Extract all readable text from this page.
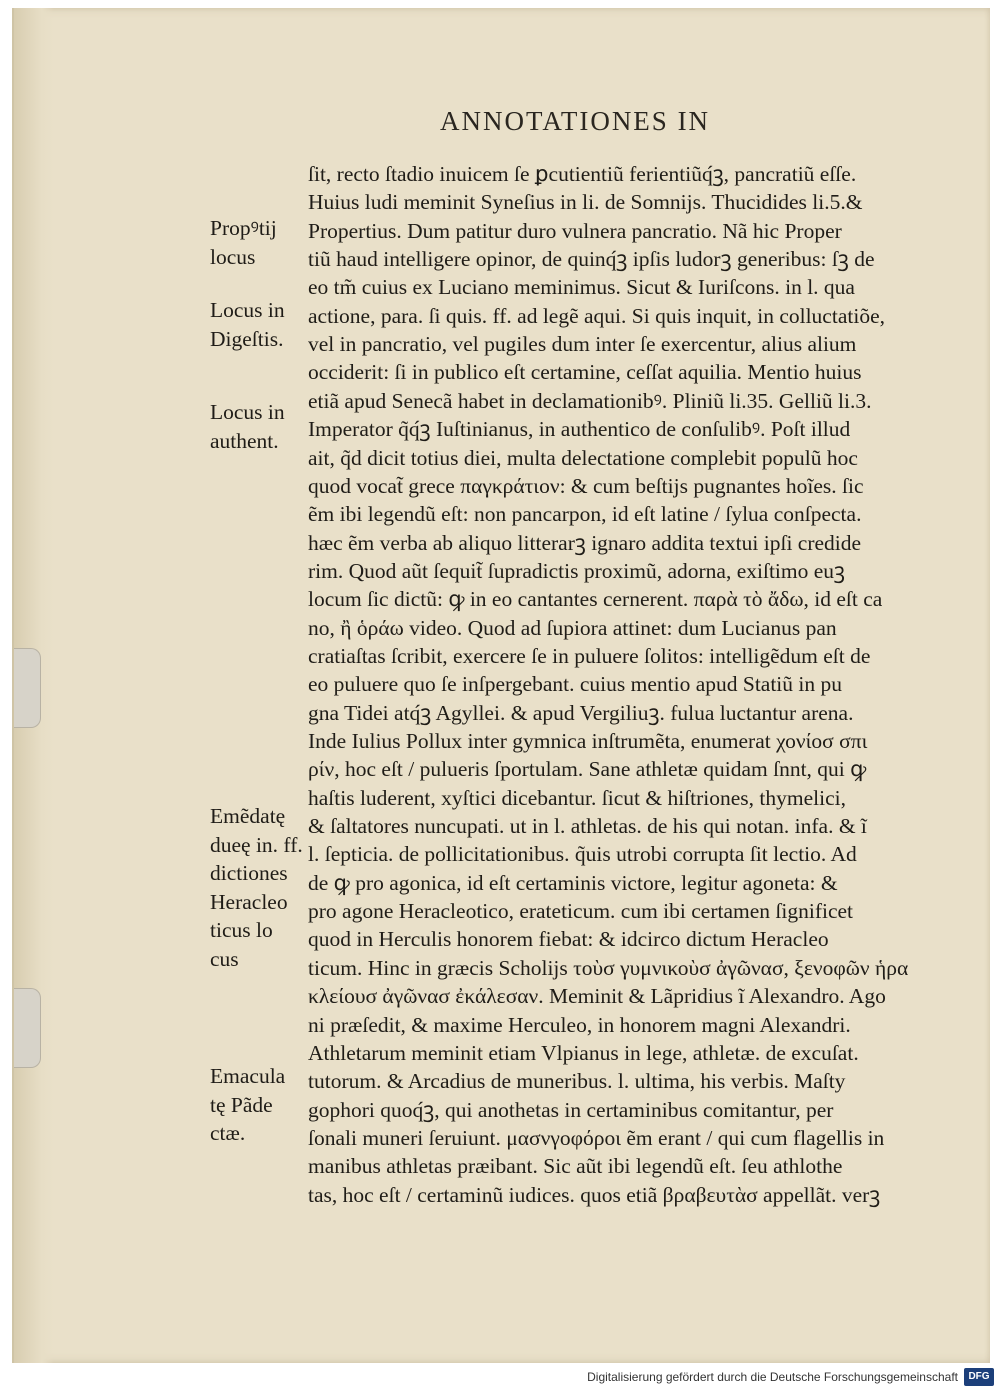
ANNOTATIONES IN
ſit, recto ſtadio inuicem ſe ꝑcutientiũ ferientiũq́ꝫ, pancratiũ eſſe.
Huius ludi meminit Syneſius in li. de Somnijs. Thucidides li.5.&
Propertius. Dum patitur duro vulnera pancratio. Nã hic Proper
tiũ haud intelligere opinor, de quinq́ꝫ ipſis ludorꝫ generibus: ſꝫ de
eo tm̃ cuius ex Luciano meminimus. Sicut & Iuriſcons. in l. qua
actione, para. ſi quis. ff. ad legẽ aqui. Si quis inquit, in colluctatiõe,
vel in pancratio, vel pugiles dum inter ſe exercentur, alius alium
occiderit: ſi in publico eſt certamine, ceſſat aquilia. Mentio huius
etiã apud Senecã habet in declamationibꝰ. Pliniũ li.35. Gelliũ li.3.
Imperator q̃q́ꝫ Iuſtinianus, in authentico de conſulibꝰ. Poſt illud
ait, q̃d dicit totius diei, multa delectatione complebit populũ hoc
quod vocat̃ grece παγκράτιον: & cum beſtijs pugnantes hoĩes. ſic
ẽm ibi legendũ eſt: non pancarpon, id eſt latine / ſylua conſpecta.
hæc ẽm verba ab aliquo litterarꝫ ignaro addita textui ipſi credide
rim. Quod aũt ſequit̃ ſupradictis proximũ, adorna, exiſtimo euꝫ
locum ſic dictũ: ꝙ in eo cantantes cernerent. παρὰ τὸ ἄδω, id eſt ca
no, ἢ ὁράω video. Quod ad ſupiora attinet: dum Lucianus pan
cratiaſtas ſcribit, exercere ſe in puluere ſolitos: intelligẽdum eſt de
eo puluere quo ſe inſpergebant. cuius mentio apud Statiũ in pu
gna Tidei atq́ꝫ Agyllei. & apud Vergiliuꝫ. fulua luctantur arena.
Inde Iulius Pollux inter gymnica inſtrumẽta, enumerat χονίοσ σπι
ρίν, hoc eſt / pulueris ſportulam. Sane athletæ quidam ſnnt, qui ꝙ
haſtis luderent, xyſtici dicebantur. ſicut & hiſtriones, thymelici,
& ſaltatores nuncupati. ut in l. athletas. de his qui notan. infa. & ĩ
l. ſepticia. de pollicitationibus. q̃uis utrobi corrupta ſit lectio. Ad
de ꝙ pro agonica, id eſt certaminis victore, legitur agoneta: &
pro agone Heracleotico, erateticum. cum ibi certamen ſignificet
quod in Herculis honorem fiebat: & idcirco dictum Heracleo
ticum. Hinc in græcis Scholijs τοὺσ γυμνικοὺσ ἀγῶνασ, ξενοφῶν ἡρα
κλείουσ ἀγῶνασ ἐκάλεσαν. Meminit & Lãpridius ĩ Alexandro. Ago
ni præſedit, & maxime Herculeo, in honorem magni Alexandri.
Athletarum meminit etiam Vlpianus in lege, athletæ. de excuſat.
tutorum. & Arcadius de muneribus. l. ultima, his verbis. Maſty
gophori quoq́ꝫ, qui anothetas in certaminibus comitantur, per
ſonali muneri ſeruiunt. μασνγοφόροι ẽm erant / qui cum flagellis in
manibus athletas præibant. Sic aũt ibi legendũ eſt. ſeu athlothe
tas, hoc eſt / certaminũ iudices. quos etiã βραβευτὰσ appellãt. verꝫ
Propꝰtij
locus
Locus in
Digeſtis.
Locus in
authent.
Emẽdatę
dueę in. ff.
dictiones
Heracleo
ticus lo
cus
Emacula
tę Pãde
ctæ.
Digitalisierung gefördert durch die Deutsche Forschungsgemeinschaft	DFG
